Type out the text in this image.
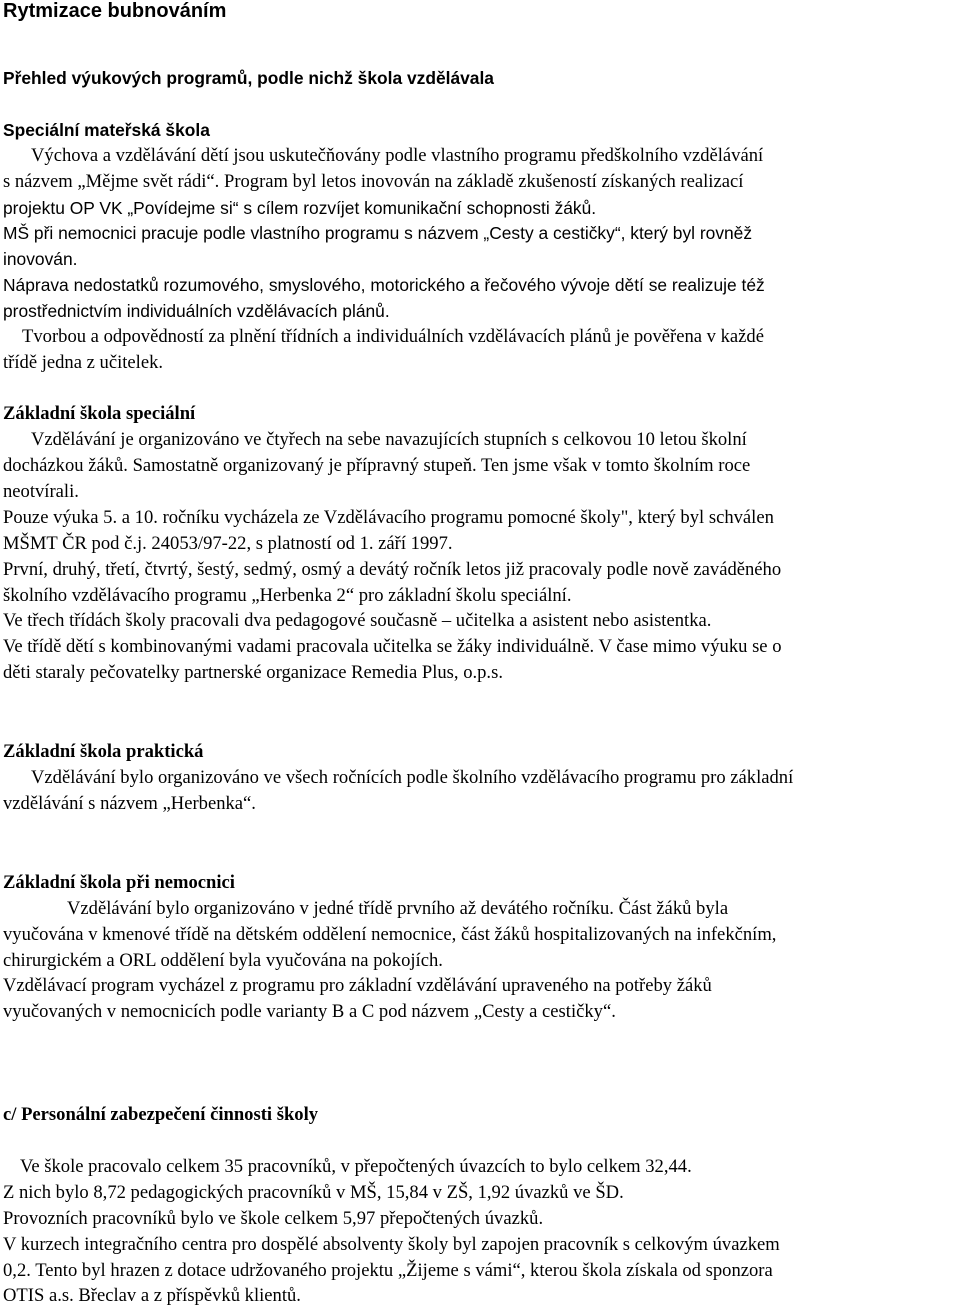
Rytmizace bubnováním
Přehled výukových programů, podle nichž škola vzdělávala
Speciální mateřská škola
Výchova a vzdělávání dětí jsou uskutečňovány podle vlastního programu předškolního vzdělávání
s názvem „Mějme svět rádi“. Program byl letos inovován na základě zkušeností získaných realizací
projektu OP VK „Povídejme si“ s cílem rozvíjet komunikační schopnosti žáků.
MŠ při nemocnici pracuje podle vlastního programu s názvem „Cesty a cestičky“, který byl rovněž
inovován.
Náprava nedostatků rozumového, smyslového, motorického a řečového vývoje dětí se realizuje též
prostřednictvím individuálních vzdělávacích plánů.
Tvorbou a odpovědností za plnění třídních a individuálních vzdělávacích plánů je pověřena v každé
třídě jedna z učitelek.
Základní škola speciální
Vzdělávání je organizováno ve čtyřech na sebe navazujících stupních s celkovou 10 letou školní
docházkou žáků. Samostatně organizovaný je přípravný stupeň. Ten jsme však v tomto školním roce
neotvírali.
Pouze výuka 5. a 10. ročníku vycházela ze Vzdělávacího programu pomocné školy", který byl schválen
MŠMT ČR pod č.j. 24053/97-22, s platností od 1. září 1997.
První, druhý, třetí, čtvrtý, šestý, sedmý, osmý a devátý ročník letos již pracovaly podle nově zaváděného
školního vzdělávacího programu „Herbenka 2“ pro základní školu speciální.
Ve třech třídách školy pracovali dva pedagogové současně – učitelka a asistent nebo asistentka.
Ve třídě dětí s kombinovanými vadami pracovala učitelka se žáky individuálně. V čase mimo výuku se o
děti staraly pečovatelky partnerské organizace Remedia Plus, o.p.s.
Základní škola praktická
Vzdělávání bylo organizováno ve všech ročnících podle školního vzdělávacího programu pro základní
vzdělávání s názvem „Herbenka“.
Základní škola při nemocnici
Vzdělávání bylo organizováno v jedné třídě prvního až devátého ročníku. Část žáků byla
vyučována v kmenové třídě na dětském oddělení nemocnice, část žáků hospitalizovaných na infekčním,
chirurgickém a ORL oddělení byla vyučována na pokojích.
Vzdělávací program vycházel z programu pro základní vzdělávání upraveného na potřeby žáků
vyučovaných v nemocnicích podle varianty B a C pod názvem „Cesty a cestičky“.
c/ Personální zabezpečení činnosti školy
Ve škole pracovalo celkem 35 pracovníků, v přepočtených úvazcích to bylo celkem 32,44.
Z nich bylo 8,72 pedagogických pracovníků v MŠ, 15,84 v ZŠ, 1,92 úvazků ve ŠD.
Provozních pracovníků bylo ve škole celkem 5,97 přepočtených úvazků.
V kurzech integračního centra pro dospělé absolventy školy byl zapojen pracovník s celkovým úvazkem
0,2. Tento byl hrazen z dotace udržovaného projektu „Žijeme s vámi“, kterou škola získala od sponzora
OTIS a.s. Břeclav a z příspěvků klientů.
